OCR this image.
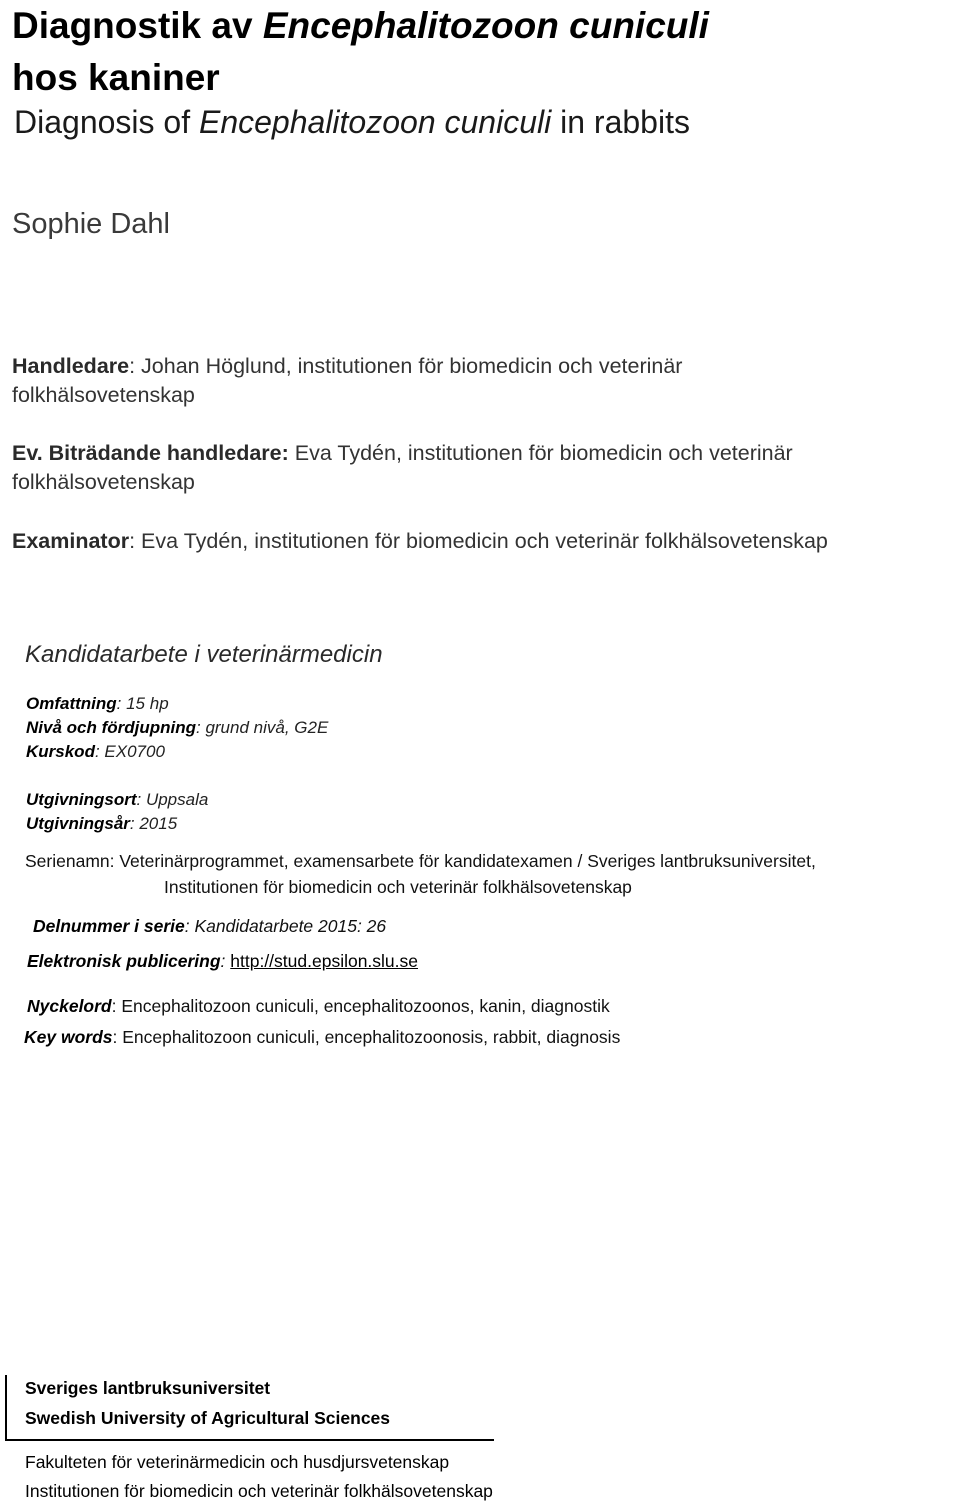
Diagnostik av Encephalitozoon cuniculi
hos kaniner
Diagnosis of Encephalitozoon cuniculi in rabbits
Sophie Dahl
Handledare: Johan Höglund, institutionen för biomedicin och veterinär folkhälsovetenskap
Ev. Biträdande handledare: Eva Tydén, institutionen för biomedicin och veterinär folkhälsovetenskap
Examinator: Eva Tydén, institutionen för biomedicin och veterinär folkhälsovetenskap
Kandidatarbete i veterinärmedicin
Omfattning: 15 hp
Nivå och fördjupning: grund nivå, G2E
Kurskod: EX0700
Utgivningsort: Uppsala
Utgivningsår: 2015
Serienamn: Veterinärprogrammet, examensarbete för kandidatexamen / Sveriges lantbruksuniversitet,
Institutionen för biomedicin och veterinär folkhälsovetenskap
Delnummer i serie: Kandidatarbete 2015: 26
Elektronisk publicering: http://stud.epsilon.slu.se
Nyckelord: Encephalitozoon cuniculi, encephalitozoonos, kanin, diagnostik
Key words: Encephalitozoon cuniculi, encephalitozoonosis, rabbit, diagnosis
Sveriges lantbruksuniversitet
Swedish University of Agricultural Sciences
Fakulteten för veterinärmedicin och husdjursvetenskap
Institutionen för biomedicin och veterinär folkhälsovetenskap
